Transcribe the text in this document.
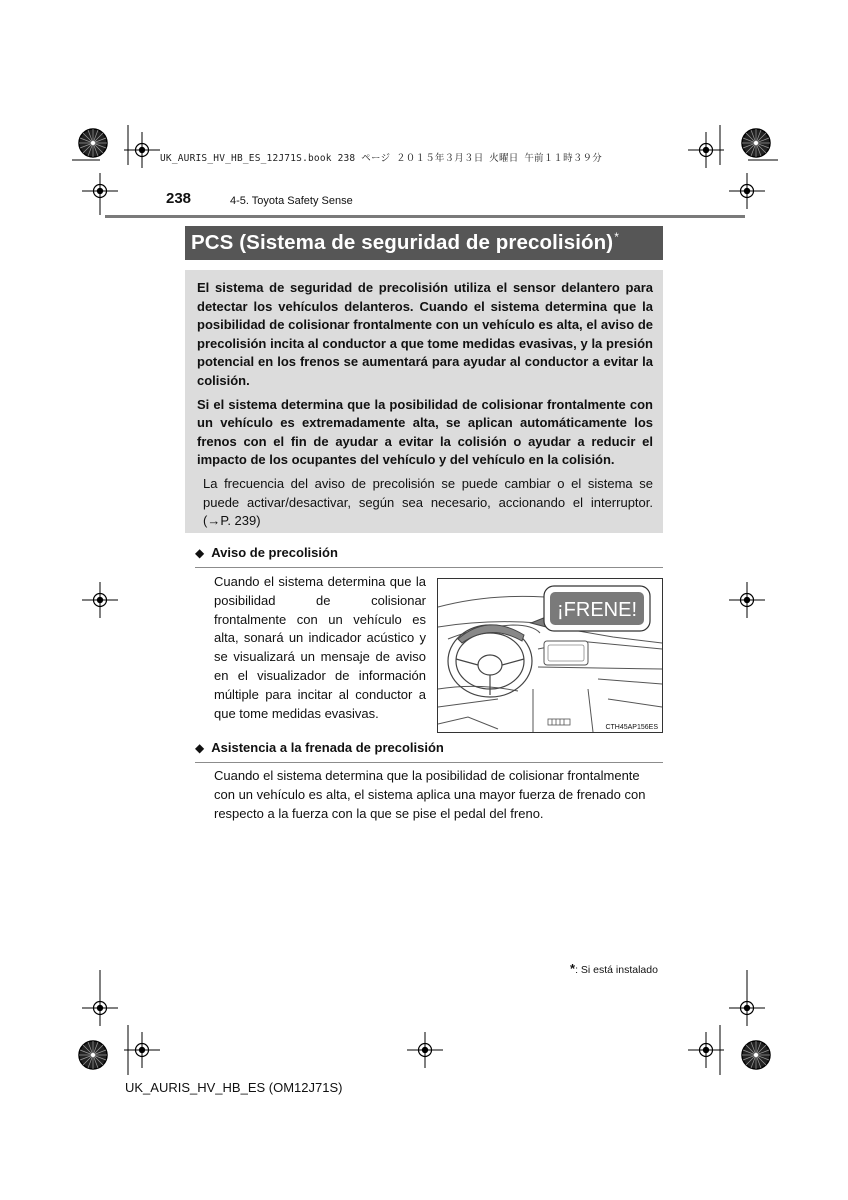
UK_AURIS_HV_HB_ES_12J71S.book 238 ページ ２０１５年３月３日 火曜日 午前１１時３９分
238	4-5. Toyota Safety Sense
PCS (Sistema de seguridad de precolisión)*

El sistema de seguridad de precolisión utiliza el sensor delantero para detectar los vehículos delanteros. Cuando el sistema determina que la posibilidad de colisionar frontalmente con un vehículo es alta, el aviso de precolisión incita al conductor a que tome medidas evasivas, y la presión potencial en los frenos se aumentará para ayudar al conductor a evitar la colisión.

Si el sistema determina que la posibilidad de colisionar frontalmente con un vehículo es extremadamente alta, se aplican automáticamente los frenos con el fin de ayudar a evitar la colisión o ayudar a reducir el impacto de los ocupantes del vehículo y del vehículo en la colisión.

La frecuencia del aviso de precolisión se puede cambiar o el sistema se puede activar/desactivar, según sea necesario, accionando el interruptor. (→P. 239)

◆ Aviso de precolisión
Cuando el sistema determina que la posibilidad de colisionar frontalmente con un vehículo es alta, sonará un indicador acústico y se visualizará un mensaje de aviso en el visualizador de información múltiple para incitar al conductor a que tome medidas evasivas.
¡FRENE!
CTH45AP156ES
◆ Asistencia a la frenada de precolisión
Cuando el sistema determina que la posibilidad de colisionar frontalmente con un vehículo es alta, el sistema aplica una mayor fuerza de frenado con respecto a la fuerza con la que se pise el pedal del freno.
*: Si está instalado
UK_AURIS_HV_HB_ES (OM12J71S)
